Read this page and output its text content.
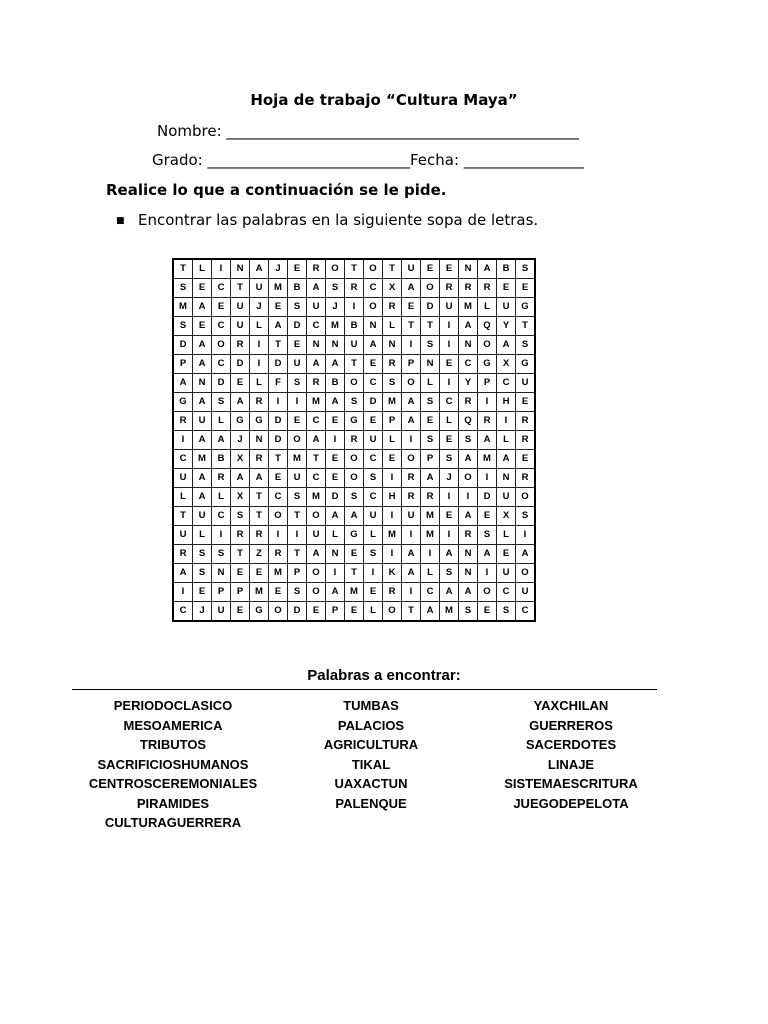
Hoja de trabajo “Cultura Maya”
Nombre: _______________________________________________
Grado: ___________________________Fecha: ________________
Realice lo que a continuación se le pide.
■ Encontrar las palabras en la siguiente sopa de letras.
T	L	I	N	A	J	E	R	O	T	O	T	U	E	E	N	A	B	S
S	E	C	T	U	M	B	A	S	R	C	X	A	O	R	R	R	E	E
M	A	E	U	J	E	S	U	J	I	O	R	E	D	U	M	L	U	G
S	E	C	U	L	A	D	C	M	B	N	L	T	T	I	A	Q	Y	T
D	A	O	R	I	T	E	N	N	U	A	N	I	S	I	N	O	A	S
P	A	C	D	I	D	U	A	A	T	E	R	P	N	E	C	G	X	G
A	N	D	E	L	F	S	R	B	O	C	S	O	L	I	Y	P	C	U
G	A	S	A	R	I	I	M	A	S	D	M	A	S	C	R	I	H	E
R	U	L	G	G	D	E	C	E	G	E	P	A	E	L	Q	R	I	R
I	A	A	J	N	D	O	A	I	R	U	L	I	S	E	S	A	L	R
C	M	B	X	R	T	M	T	E	O	C	E	O	P	S	A	M	A	E
U	A	R	A	A	E	U	C	E	O	S	I	R	A	J	O	I	N	R
L	A	L	X	T	C	S	M	D	S	C	H	R	R	I	I	D	U	O
T	U	C	S	T	O	T	O	A	A	U	I	U	M	E	A	E	X	S
U	L	I	R	R	I	I	U	L	G	L	M	I	M	I	R	S	L	I
R	S	S	T	Z	R	T	A	N	E	S	I	A	I	A	N	A	E	A
A	S	N	E	E	M	P	O	I	T	I	K	A	L	S	N	I	U	O
I	E	P	P	M	E	S	O	A	M	E	R	I	C	A	A	O	C	U
C	J	U	E	G	O	D	E	P	E	L	O	T	A	M	S	E	S	C
Palabras a encontrar:
PERIODOCLASICO
MESOAMERICA
TRIBUTOS
SACRIFICIOSHUMANOS
CENTROSCEREMONIALES
PIRAMIDES
CULTURAGUERRERA
TUMBAS
PALACIOS
AGRICULTURA
TIKAL
UAXACTUN
PALENQUE
YAXCHILAN
GUERREROS
SACERDOTES
LINAJE
SISTEMAESCRITURA
JUEGODEPELOTA
